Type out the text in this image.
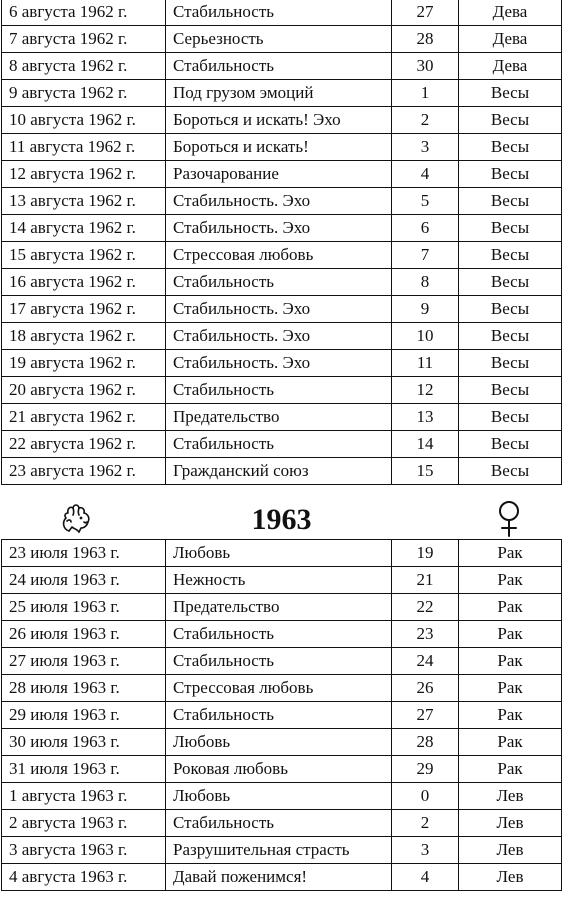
6 августа 1962 г.	Стабильность	27	Дева
7 августа 1962 г.	Серьезность	28	Дева
8 августа 1962 г.	Стабильность	30	Дева
9 августа 1962 г.	Под грузом эмоций	1	Весы
10 августа 1962 г.	Бороться и искать! Эхо	2	Весы
11 августа 1962 г.	Бороться и искать!	3	Весы
12 августа 1962 г.	Разочарование	4	Весы
13 августа 1962 г.	Стабильность. Эхо	5	Весы
14 августа 1962 г.	Стабильность. Эхо	6	Весы
15 августа 1962 г.	Стрессовая любовь	7	Весы
16 августа 1962 г.	Стабильность	8	Весы
17 августа 1962 г.	Стабильность. Эхо	9	Весы
18 августа 1962 г.	Стабильность. Эхо	10	Весы
19 августа 1962 г.	Стабильность. Эхо	11	Весы
20 августа 1962 г.	Стабильность	12	Весы
21 августа 1962 г.	Предательство	13	Весы
22 августа 1962 г.	Стабильность	14	Весы
23 августа 1962 г.	Гражданский союз	15	Весы
1963
23 июля 1963 г.	Любовь	19	Рак
24 июля 1963 г.	Нежность	21	Рак
25 июля 1963 г.	Предательство	22	Рак
26 июля 1963 г.	Стабильность	23	Рак
27 июля 1963 г.	Стабильность	24	Рак
28 июля 1963 г.	Стрессовая любовь	26	Рак
29 июля 1963 г.	Стабильность	27	Рак
30 июля 1963 г.	Любовь	28	Рак
31 июля 1963 г.	Роковая любовь	29	Рак
1 августа 1963 г.	Любовь	0	Лев
2 августа 1963 г.	Стабильность	2	Лев
3 августа 1963 г.	Разрушительная страсть	3	Лев
4 августа 1963 г.	Давай поженимся!	4	Лев
